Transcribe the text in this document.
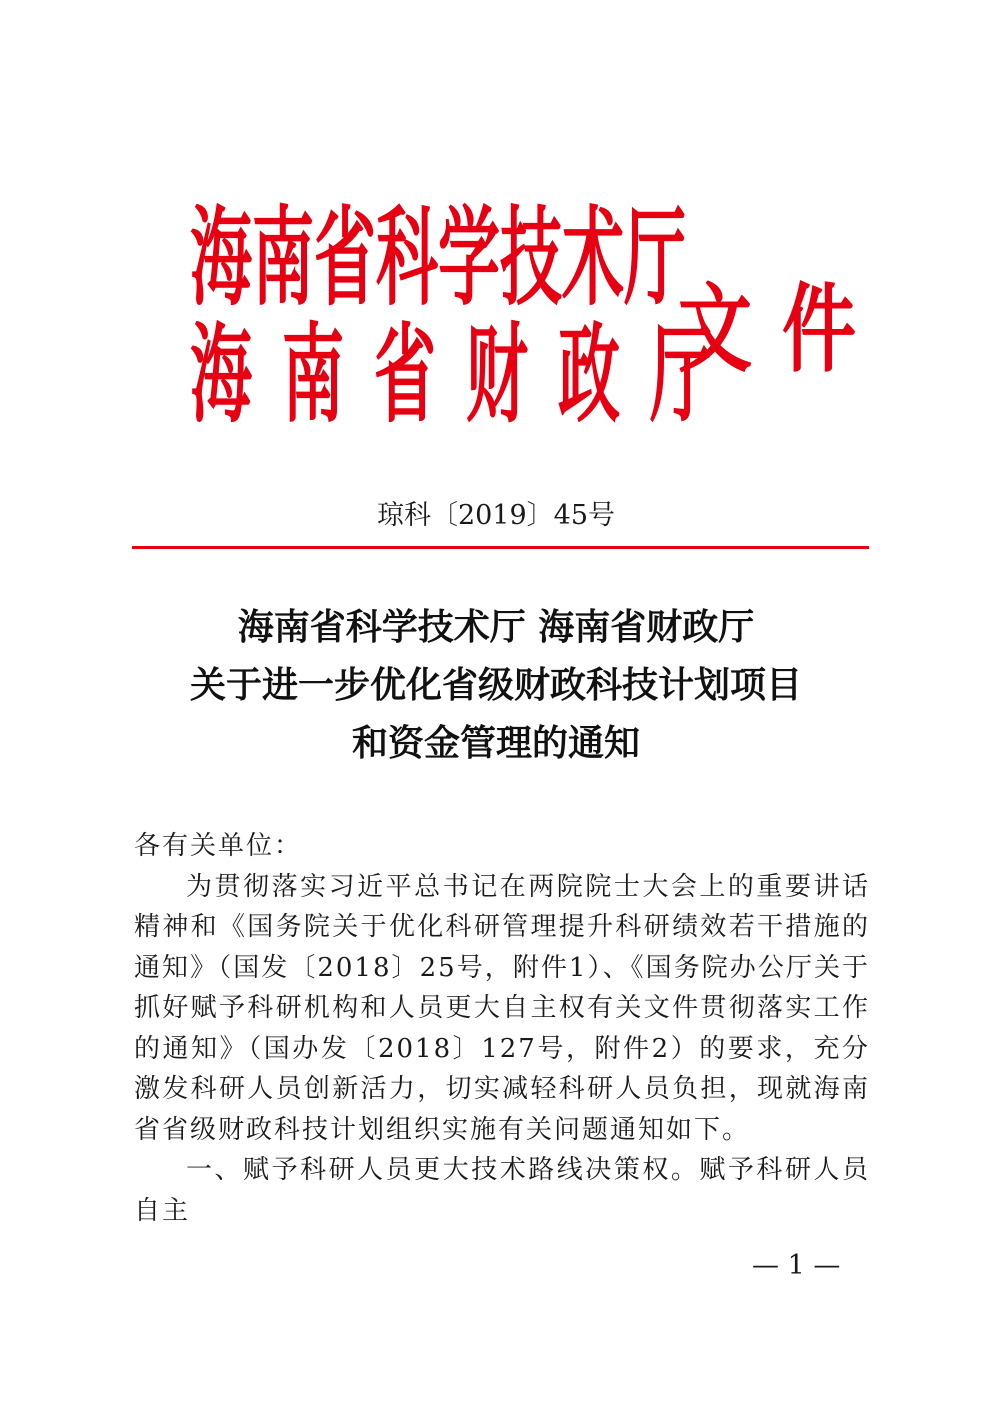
海南省科学技术厅
海南省财政厅
文件
琼科〔2019〕45号
海南省科学技术厅 海南省财政厅
关于进一步优化省级财政科技计划项目
和资金管理的通知

各有关单位：

为贯彻落实习近平总书记在两院院士大会上的重要讲话精神和《国务院关于优化科研管理提升科研绩效若干措施的通知》（国发〔2018〕25号，附件1）、《国务院办公厅关于抓好赋予科研机构和人员更大自主权有关文件贯彻落实工作的通知》（国办发〔2018〕127号，附件2）的要求，充分激发科研人员创新活力，切实减轻科研人员负担，现就海南省省级财政科技计划组织实施有关问题通知如下。

一、赋予科研人员更大技术路线决策权。赋予科研人员自主

— 1 —
